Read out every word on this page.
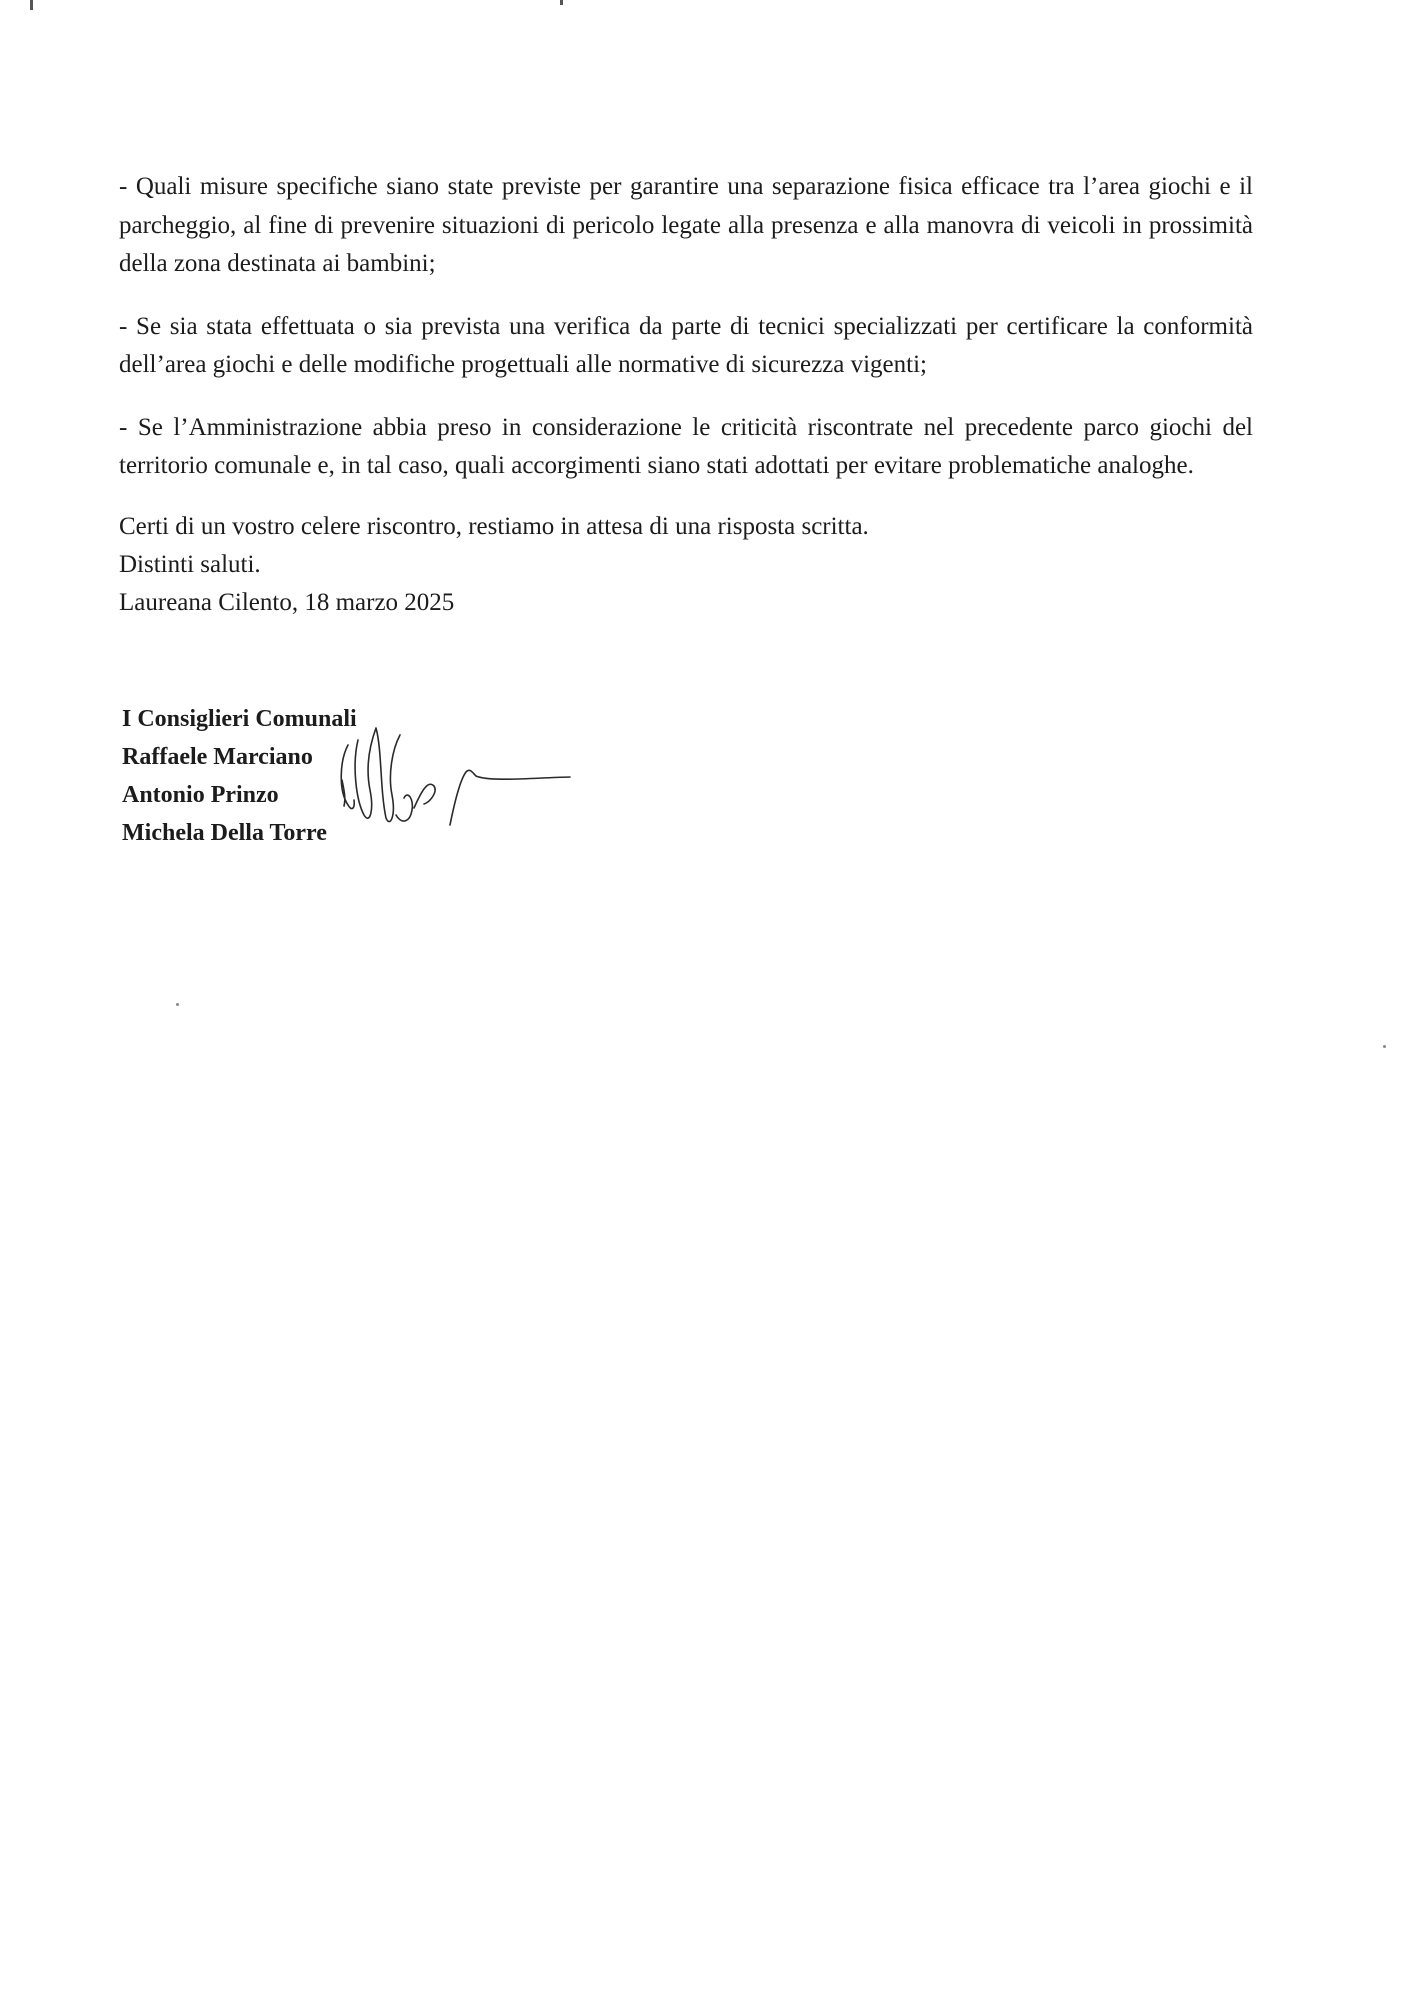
- Quali misure specifiche siano state previste per garantire una separazione fisica efficace tra l’area giochi e il parcheggio, al fine di prevenire situazioni di pericolo legate alla presenza e alla manovra di veicoli in prossimità della zona destinata ai bambini;

- Se sia stata effettuata o sia prevista una verifica da parte di tecnici specializzati per certificare la conformità dell’area giochi e delle modifiche progettuali alle normative di sicurezza vigenti;

- Se l’Amministrazione abbia preso in considerazione le criticità riscontrate nel precedente parco giochi del territorio comunale e, in tal caso, quali accorgimenti siano stati adottati per evitare problematiche analoghe.

Certi di un vostro celere riscontro, restiamo in attesa di una risposta scritta.

Distinti saluti.

Laureana Cilento, 18 marzo 2025

I Consiglieri Comunali
Raffaele Marciano
Antonio Prinzo
Michela Della Torre
